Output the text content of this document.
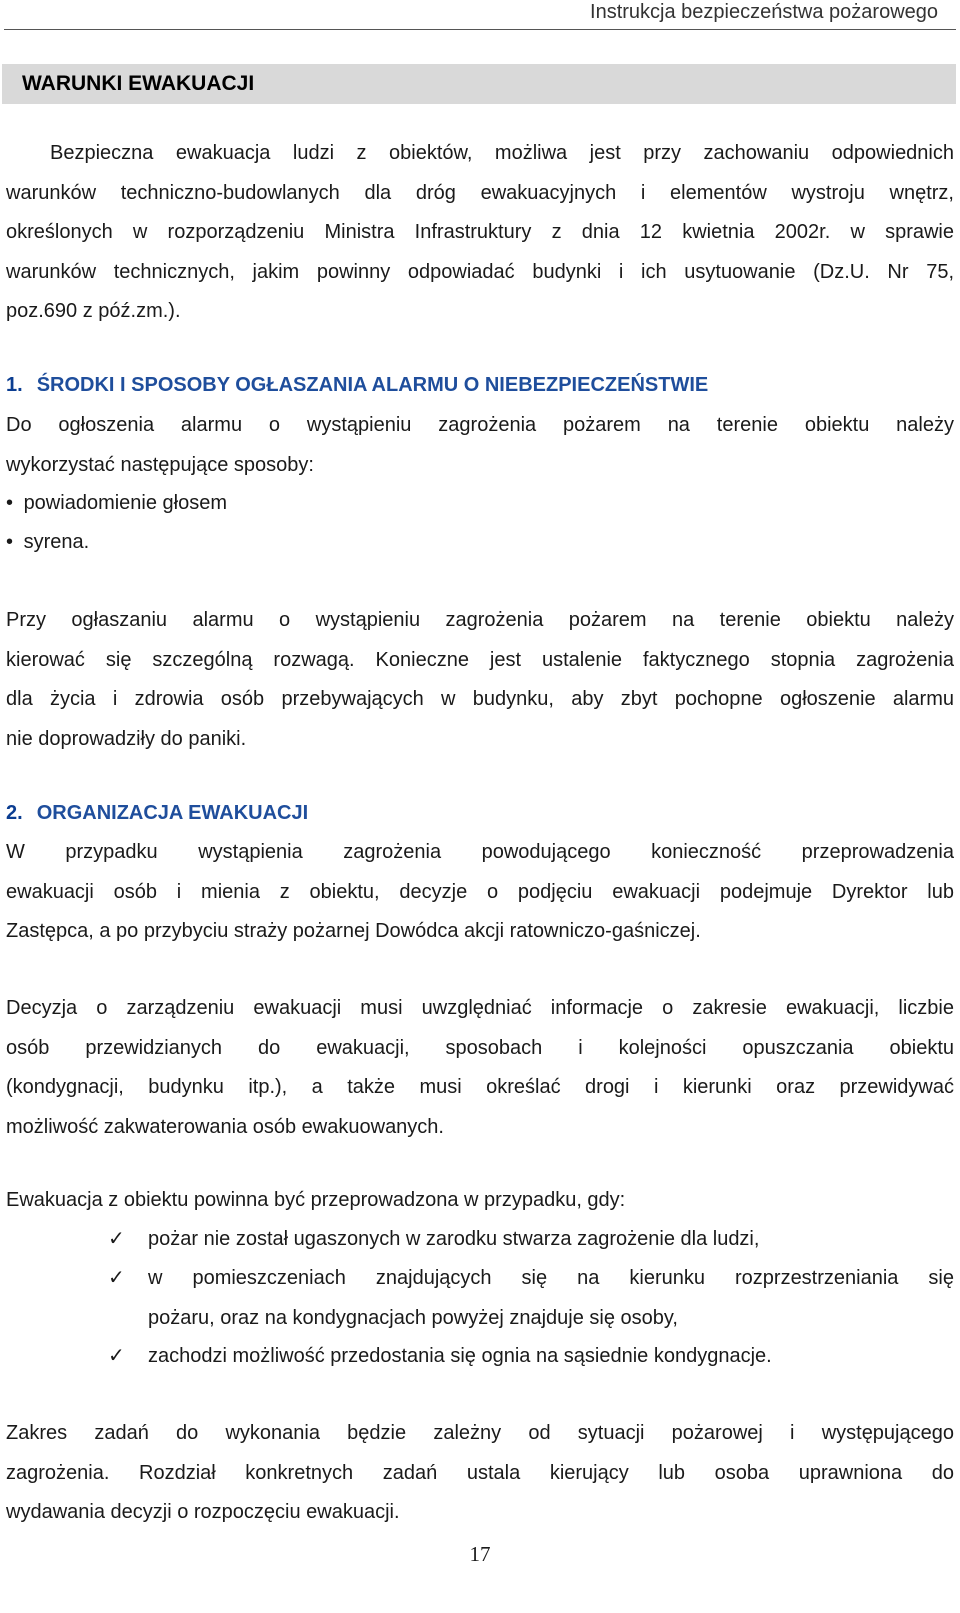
Instrukcja bezpieczeństwa pożarowego
WARUNKI EWAKUACJI
Bezpieczna ewakuacja ludzi z obiektów, możliwa jest przy zachowaniu odpowiednich
warunków techniczno-budowlanych dla dróg ewakuacyjnych i elementów wystroju wnętrz,
określonych w rozporządzeniu Ministra Infrastruktury z dnia 12 kwietnia 2002r. w sprawie
warunków technicznych, jakim powinny odpowiadać budynki i ich usytuowanie (Dz.U. Nr 75,
poz.690 z póź.zm.).
1. ŚRODKI I SPOSOBY OGŁASZANIA ALARMU O NIEBEZPIECZEŃSTWIE
Do ogłoszenia alarmu o wystąpieniu zagrożenia pożarem na terenie obiektu należy
wykorzystać następujące sposoby:
• powiadomienie głosem
• syrena.
Przy ogłaszaniu alarmu o wystąpieniu zagrożenia pożarem na terenie obiektu należy
kierować się szczególną rozwagą. Konieczne jest ustalenie faktycznego stopnia zagrożenia
dla życia i zdrowia osób przebywających w budynku, aby zbyt pochopne ogłoszenie alarmu
nie doprowadziły do paniki.
2. ORGANIZACJA EWAKUACJI
W przypadku wystąpienia zagrożenia powodującego konieczność przeprowadzenia
ewakuacji osób i mienia z obiektu, decyzje o podjęciu ewakuacji podejmuje Dyrektor lub
Zastępca, a po przybyciu straży pożarnej Dowódca akcji ratowniczo-gaśniczej.
Decyzja o zarządzeniu ewakuacji musi uwzględniać informacje o zakresie ewakuacji, liczbie
osób przewidzianych do ewakuacji, sposobach i kolejności opuszczania obiektu
(kondygnacji, budynku itp.), a także musi określać drogi i kierunki oraz przewidywać
możliwość zakwaterowania osób ewakuowanych.
Ewakuacja z obiektu powinna być przeprowadzona w przypadku, gdy:
✓ pożar nie został ugaszonych w zarodku stwarza zagrożenie dla ludzi,
✓ w pomieszczeniach znajdujących się na kierunku rozprzestrzeniania się
pożaru, oraz na kondygnacjach powyżej znajduje się osoby,
✓ zachodzi możliwość przedostania się ognia na sąsiednie kondygnacje.
Zakres zadań do wykonania będzie zależny od sytuacji pożarowej i występującego
zagrożenia. Rozdział konkretnych zadań ustala kierujący lub osoba uprawniona do
wydawania decyzji o rozpoczęciu ewakuacji.
17
